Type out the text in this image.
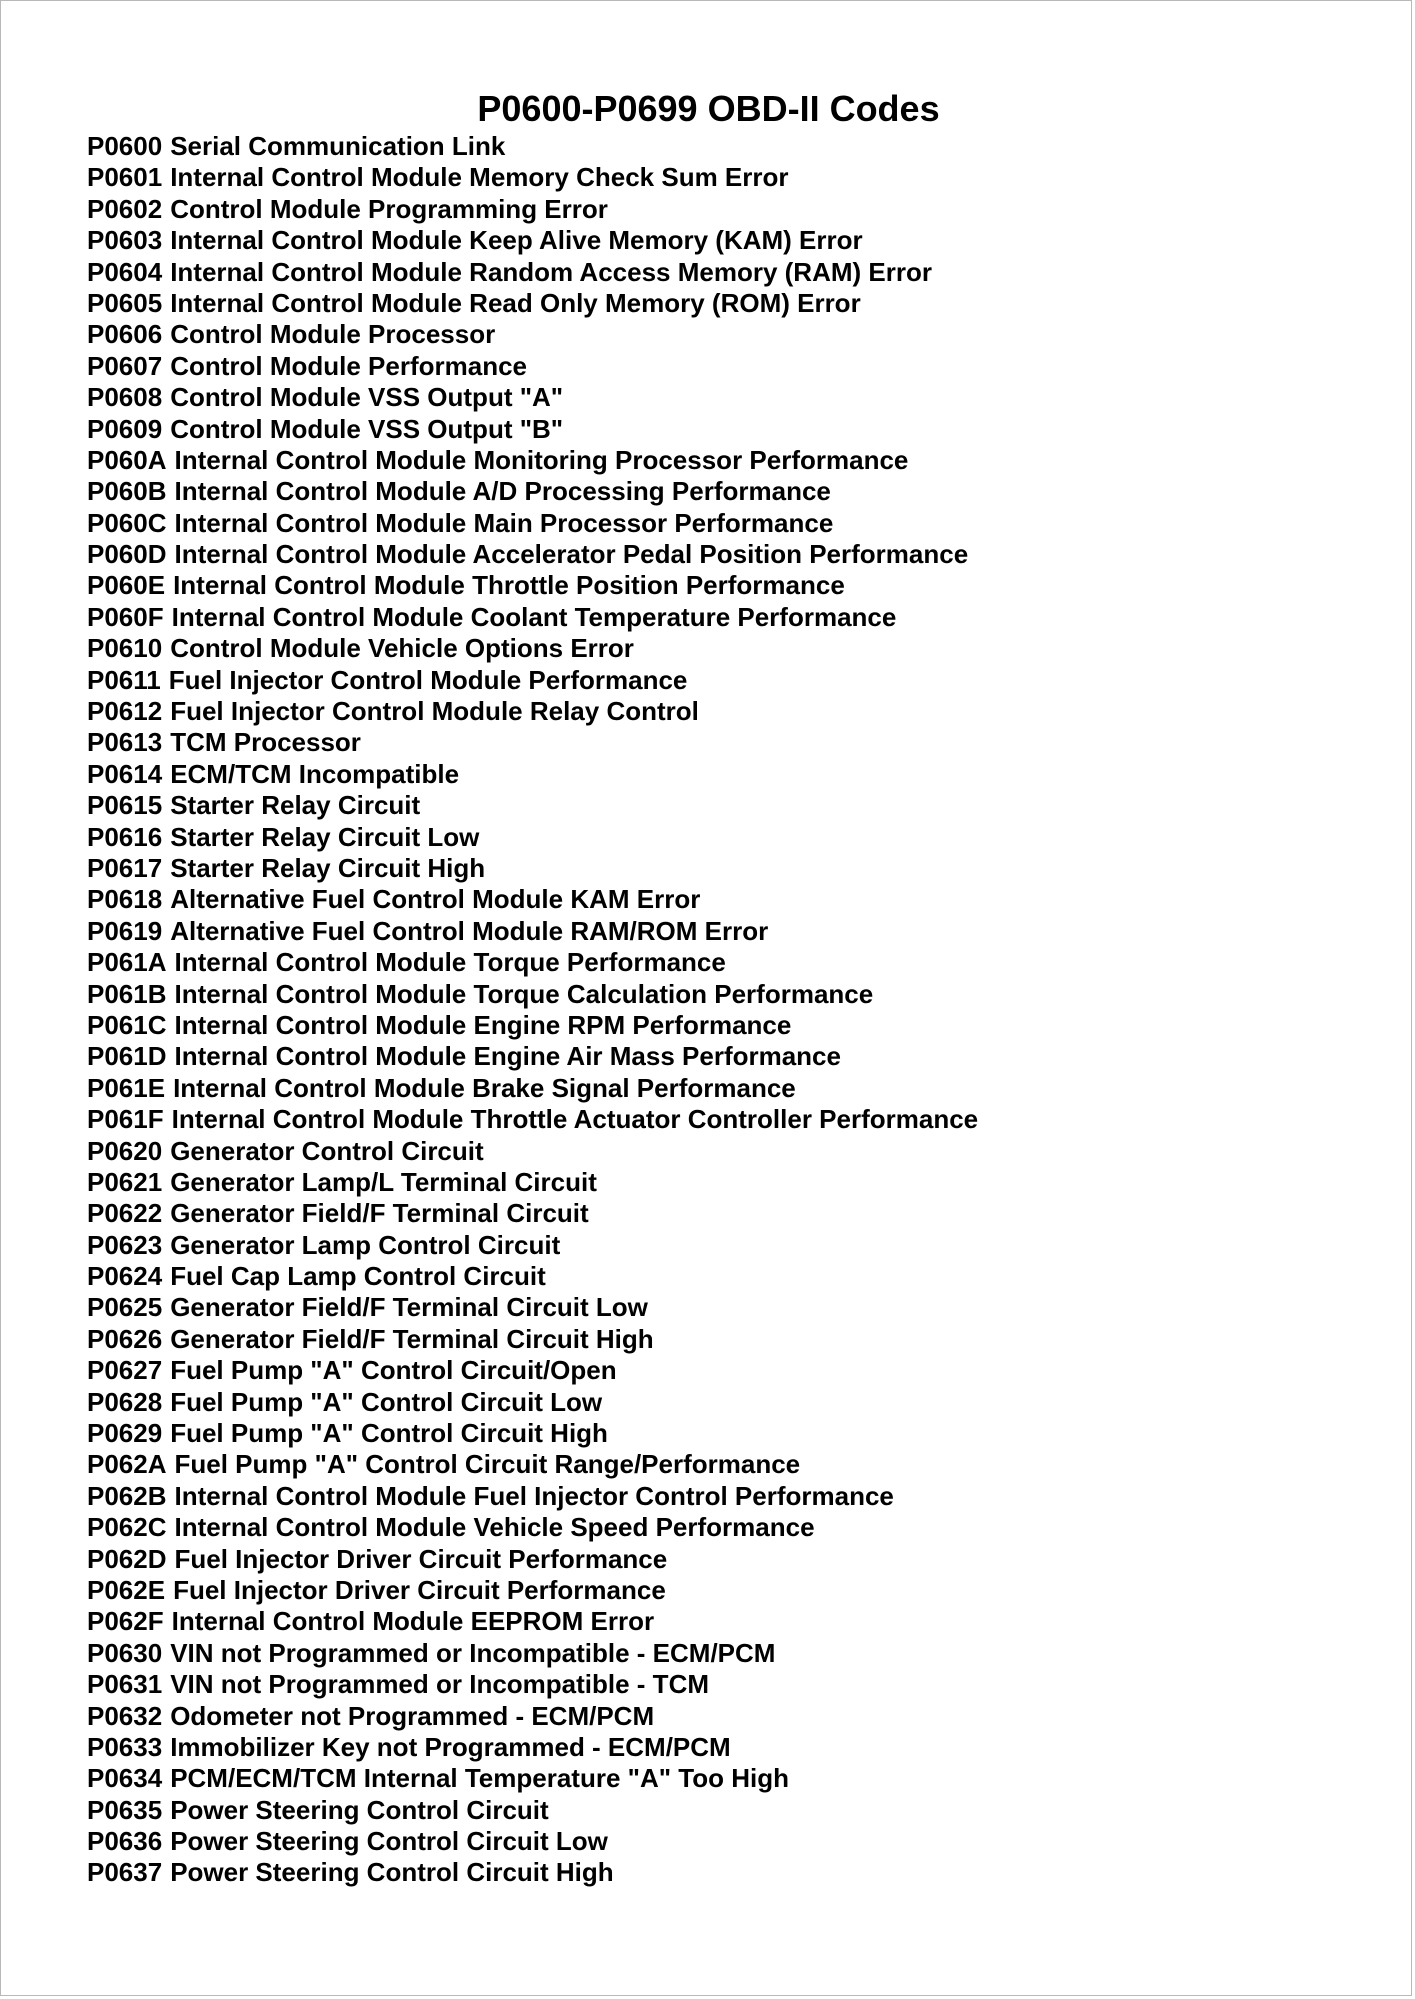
P0600-P0699 OBD-II Codes
P0600 Serial Communication Link
P0601 Internal Control Module Memory Check Sum Error
P0602 Control Module Programming Error
P0603 Internal Control Module Keep Alive Memory (KAM) Error
P0604 Internal Control Module Random Access Memory (RAM) Error
P0605 Internal Control Module Read Only Memory (ROM) Error
P0606 Control Module Processor
P0607 Control Module Performance
P0608 Control Module VSS Output "A"
P0609 Control Module VSS Output "B"
P060A Internal Control Module Monitoring Processor Performance
P060B Internal Control Module A/D Processing Performance
P060C Internal Control Module Main Processor Performance
P060D Internal Control Module Accelerator Pedal Position Performance
P060E Internal Control Module Throttle Position Performance
P060F Internal Control Module Coolant Temperature Performance
P0610 Control Module Vehicle Options Error
P0611 Fuel Injector Control Module Performance
P0612 Fuel Injector Control Module Relay Control
P0613 TCM Processor
P0614 ECM/TCM Incompatible
P0615 Starter Relay Circuit
P0616 Starter Relay Circuit Low
P0617 Starter Relay Circuit High
P0618 Alternative Fuel Control Module KAM Error
P0619 Alternative Fuel Control Module RAM/ROM Error
P061A Internal Control Module Torque Performance
P061B Internal Control Module Torque Calculation Performance
P061C Internal Control Module Engine RPM Performance
P061D Internal Control Module Engine Air Mass Performance
P061E Internal Control Module Brake Signal Performance
P061F Internal Control Module Throttle Actuator Controller Performance
P0620 Generator Control Circuit
P0621 Generator Lamp/L Terminal Circuit
P0622 Generator Field/F Terminal Circuit
P0623 Generator Lamp Control Circuit
P0624 Fuel Cap Lamp Control Circuit
P0625 Generator Field/F Terminal Circuit Low
P0626 Generator Field/F Terminal Circuit High
P0627 Fuel Pump "A" Control Circuit/Open
P0628 Fuel Pump "A" Control Circuit Low
P0629 Fuel Pump "A" Control Circuit High
P062A Fuel Pump "A" Control Circuit Range/Performance
P062B Internal Control Module Fuel Injector Control Performance
P062C Internal Control Module Vehicle Speed Performance
P062D Fuel Injector Driver Circuit Performance
P062E Fuel Injector Driver Circuit Performance
P062F Internal Control Module EEPROM Error
P0630 VIN not Programmed or Incompatible - ECM/PCM
P0631 VIN not Programmed or Incompatible - TCM
P0632 Odometer not Programmed - ECM/PCM
P0633 Immobilizer Key not Programmed - ECM/PCM
P0634 PCM/ECM/TCM Internal Temperature "A" Too High
P0635 Power Steering Control Circuit
P0636 Power Steering Control Circuit Low
P0637 Power Steering Control Circuit High
